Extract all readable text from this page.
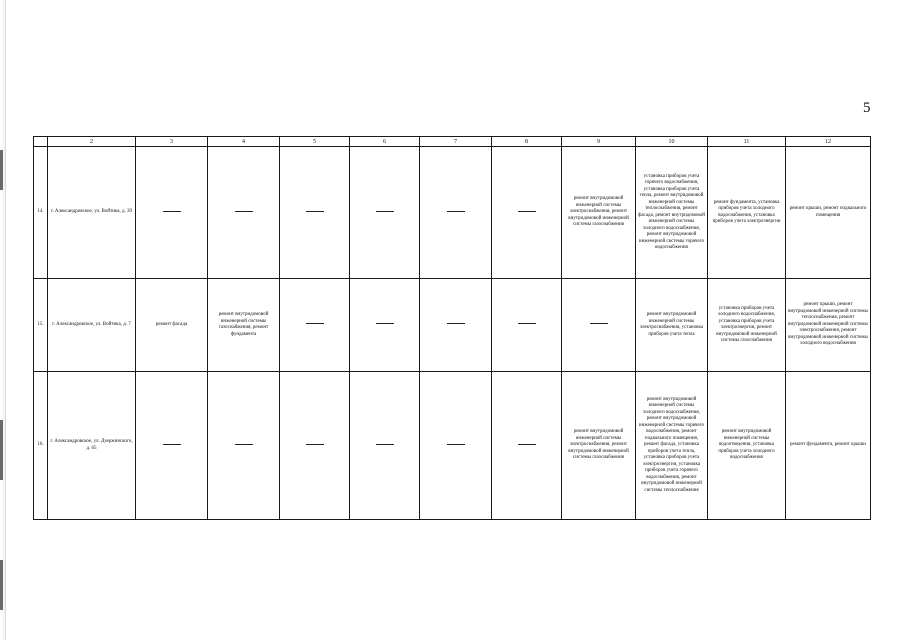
5
	2	3	4	5	6	7	8	9	10	11	12
14.	г. Александровское, ул. Войтика, д. 39							ремонт внутридомовой инженерной системы электроснабжения, ремонт внутридомовой инженерной системы газоснабжения	установка приборов учета горячего водоснабжения, установка приборов учета тепла, ремонт внутридомовой инженерной системы теплоснабжения, ремонт фасада, ремонт внутридомовой инженерной системы холодного водоснабжения, ремонт внутридомовой инженерной системы горячего водоснабжения	ремонт фундамента, установка приборов учета холодного водоснабжения, установка приборов учета электроэнергии	ремонт крыши, ремонт подвального помещения
15.	г. Александровское, ул. Войтика, д. 7	ремонт фасада	ремонт внутридомовой инженерной системы газоснабжения, ремонт фундамента						ремонт внутридомовой инженерной системы электроснабжения, установка приборов учета тепла	установка приборов учета холодного водоснабжения, установка приборов учета электроэнергии, ремонт внутридомовой инженерной системы газоснабжения	ремонт крыши, ремонт внутридомовой инженерной системы теплоснабжения, ремонт внутридомовой инженерной системы электроснабжения, ремонт внутридомовой инженерной системы холодного водоснабжения
16.	г. Александровское, ул. Дзержинского, д. 65							ремонт внутридомовой инженерной системы электроснабжения, ремонт внутридомовой инженерной системы газоснабжения	ремонт внутридомовой инженерной системы холодного водоснабжения, ремонт внутридомовой инженерной системы горячего водоснабжения, ремонт подвального помещения, ремонт фасада, установка приборов учета тепла, установка приборов учета электроэнергии, установка приборов учета горячего водоснабжения, ремонт внутридомовой инженерной системы теплоснабжения	ремонт внутридомовой инженерной системы водоотведения, установка приборов учета холодного водоснабжения	ремонт фундамента, ремонт крыши
